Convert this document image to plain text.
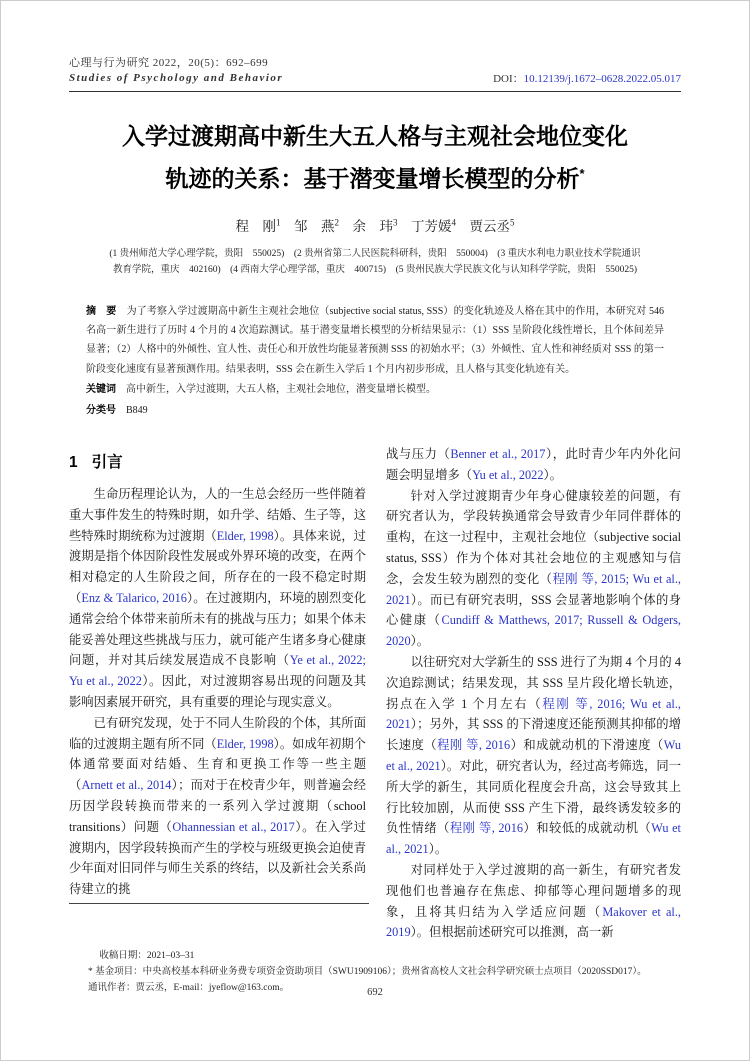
心理与行为研究 2022，20(5)：692–699
Studies of Psychology and Behavior	DOI：10.12139/j.1672–0628.2022.05.017
入学过渡期高中新生大五人格与主观社会地位变化
轨迹的关系：基于潜变量增长模型的分析*
程　刚$^1$　邹　燕$^2$　余　玮$^3$　丁芳媛$^4$　贾云丞$^5$
(1 贵州师范大学心理学院，贵阳　550025)　(2 贵州省第二人民医院科研科，贵阳　550004)　(3 重庆水利电力职业技术学院通识
教育学院，重庆　402160)　(4 西南大学心理学部，重庆　400715)　(5 贵州民族大学民族文化与认知科学学院，贵阳　550025)
摘　要　为了考察入学过渡期高中新生主观社会地位（subjective social status, SSS）的变化轨迹及人格在其中的作用，本研究对 546 名高一新生进行了历时 4 个月的 4 次追踪测试。基于潜变量增长模型的分析结果显示：（1）SSS 呈阶段化线性增长，且个体间差异显著；（2）人格中的外倾性、宜人性、责任心和开放性均能显著预测 SSS 的初始水平；（3）外倾性、宜人性和神经质对 SSS 的第一阶段变化速度有显著预测作用。结果表明，SSS 会在新生入学后 1 个月内初步形成，且人格与其变化轨迹有关。
关键词　高中新生，入学过渡期，大五人格，主观社会地位，潜变量增长模型。
分类号　B849
1 引言

生命历程理论认为，人的一生总会经历一些伴随着重大事件发生的特殊时期，如升学、结婚、生子等，这些特殊时期统称为过渡期（Elder, 1998）。具体来说，过渡期是指个体因阶段性发展或外界环境的改变，在两个相对稳定的人生阶段之间，所存在的一段不稳定时期（Enz & Talarico, 2016）。在过渡期内，环境的剧烈变化通常会给个体带来前所未有的挑战与压力；如果个体未能妥善处理这些挑战与压力，就可能产生诸多身心健康问题，并对其后续发展造成不良影响（Ye et al., 2022; Yu et al., 2022）。因此，对过渡期容易出现的问题及其影响因素展开研究，具有重要的理论与现实意义。

已有研究发现，处于不同人生阶段的个体，其所面临的过渡期主题有所不同（Elder, 1998）。如成年初期个体通常要面对结婚、生育和更换工作等一些主题（Arnett et al., 2014）；而对于在校青少年，则普遍会经历因学段转换而带来的一系列入学过渡期（school transitions）问题（Ohannessian et al., 2017）。在入学过渡期内，因学段转换而产生的学校与班级更换会迫使青少年面对旧同伴与师生关系的终结，以及新社会关系尚待建立的挑

战与压力（Benner et al., 2017），此时青少年内外化问题会明显增多（Yu et al., 2022）。

针对入学过渡期青少年身心健康较差的问题，有研究者认为，学段转换通常会导致青少年同伴群体的重构，在这一过程中，主观社会地位（subjective social status, SSS）作为个体对其社会地位的主观感知与信念，会发生较为剧烈的变化（程刚 等, 2015; Wu et al., 2021）。而已有研究表明，SSS 会显著地影响个体的身心健康（Cundiff & Matthews, 2017; Russell & Odgers, 2020）。

以往研究对大学新生的 SSS 进行了为期 4 个月的 4 次追踪测试；结果发现，其 SSS 呈片段化增长轨迹，拐点在入学 1 个月左右（程刚 等, 2016; Wu et al., 2021）；另外，其 SSS 的下滑速度还能预测其抑郁的增长速度（程刚 等, 2016）和成就动机的下滑速度（Wu et al., 2021）。对此，研究者认为，经过高考筛选，同一所大学的新生，其同质化程度会升高，这会导致其上行比较加剧，从而使 SSS 产生下滑，最终诱发较多的负性情绪（程刚 等, 2016）和较低的成就动机（Wu et al., 2021）。

对同样处于入学过渡期的高一新生，有研究者发现他们也普遍存在焦虑、抑郁等心理问题增多的现象，且将其归结为入学适应问题（Makover et al., 2019）。但根据前述研究可以推测，高一新

收稿日期：2021–03–31
* 基金项目：中央高校基本科研业务费专项资金资助项目（SWU1909106）；贵州省高校人文社会科学研究硕士点项目（2020SSD017）。
通讯作者：贾云丞，E-mail：jyeflow@163.com。	692
